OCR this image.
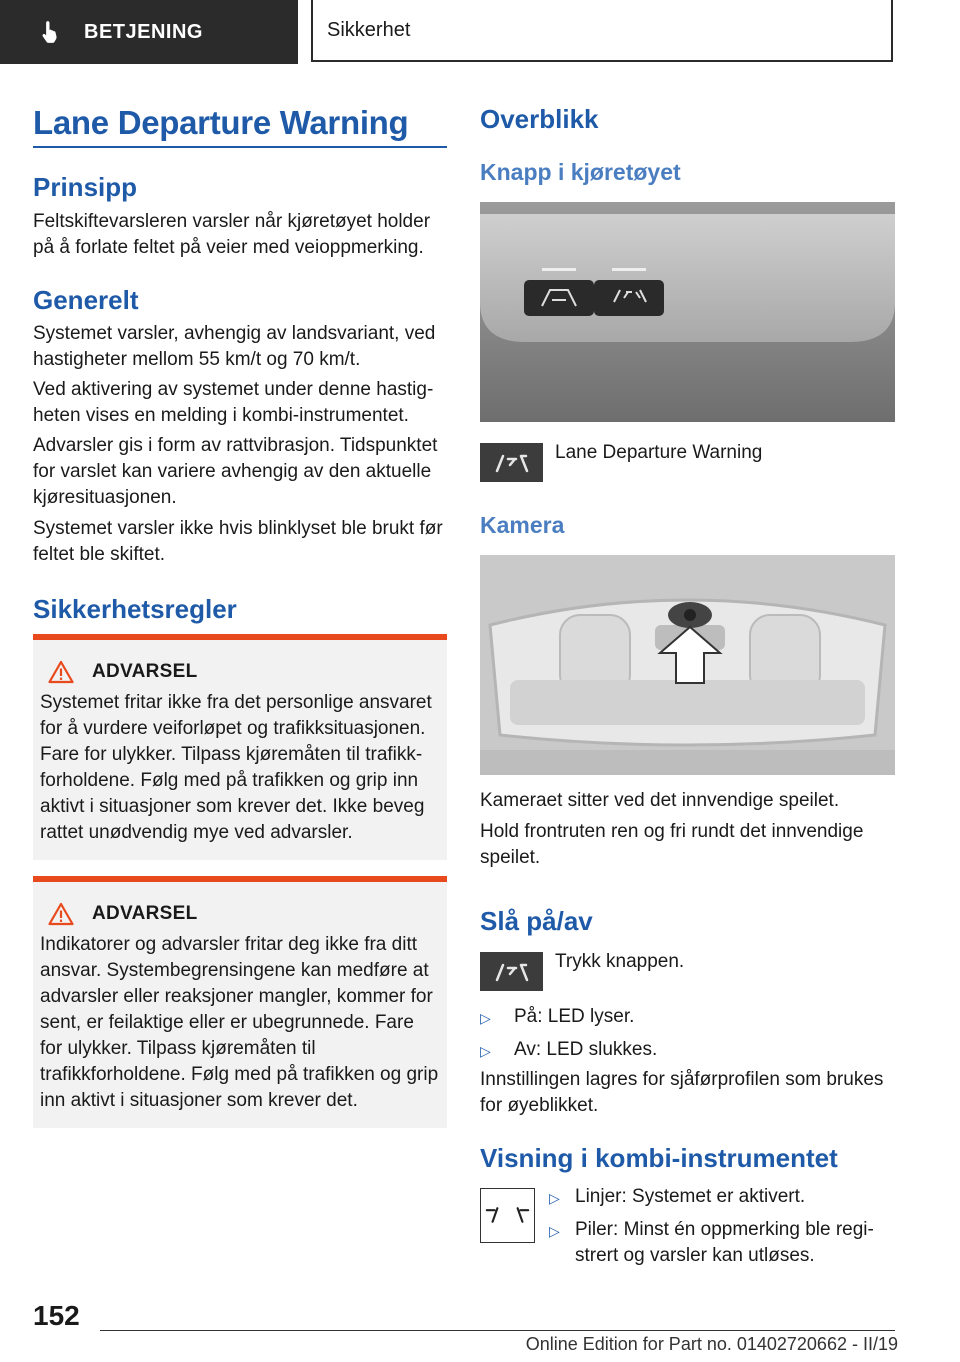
BETJENING	Sikkerhet
Lane Departure Warning
Prinsipp

Feltskiftevarsleren varsler når kjøretøyet holder på å forlate feltet på veier med veioppmerking.

Generelt

Systemet varsler, avhengig av landsvariant, ved hastigheter mellom 55 km/t og 70 km/t.

Ved aktivering av systemet under denne hastigheten vises en melding i kombi-instrumentet.

Advarsler gis i form av rattvibrasjon. Tidspunktet for varslet kan variere avhengig av den aktuelle kjøresituasjonen.

Systemet varsler ikke hvis blinklyset ble brukt før feltet ble skiftet.

Sikkerhetsregler
ADVARSEL
Systemet fritar ikke fra det personlige ansvaret for å vurdere veiforløpet og trafikksituasjonen. Fare for ulykker. Tilpass kjøremåten til trafikkforholdene. Følg med på trafikken og grip inn aktivt i situasjoner som krever det. Ikke beveg rattet unødvendig mye ved advarsler.
ADVARSEL
Indikatorer og advarsler fritar deg ikke fra ditt ansvar. Systembegrensingene kan medføre at advarsler eller reaksjoner mangler, kommer for sent, er feilaktige eller er ubegrunnede. Fare for ulykker. Tilpass kjøremåten til trafikkforholdene. Følg med på trafikken og grip inn aktivt i situasjoner som krever det.
Overblikk
Knapp i kjøretøyet

Lane Departure Warning

Kamera

Kameraet sitter ved det innvendige speilet.

Hold frontruten ren og fri rundt det innvendige speilet.

Slå på/av

Trykk knappen.

▷	På: LED lyser.
▷	Av: LED slukkes.

Innstillingen lagres for sjåførprofilen som brukes for øyeblikket.

Visning i kombi-instrumentet
▷ Linjer: Systemet er aktivert.
▷ Piler: Minst én oppmerking ble registrert og varsler kan utløses.
152
Online Edition for Part no. 01402720662 - II/19
